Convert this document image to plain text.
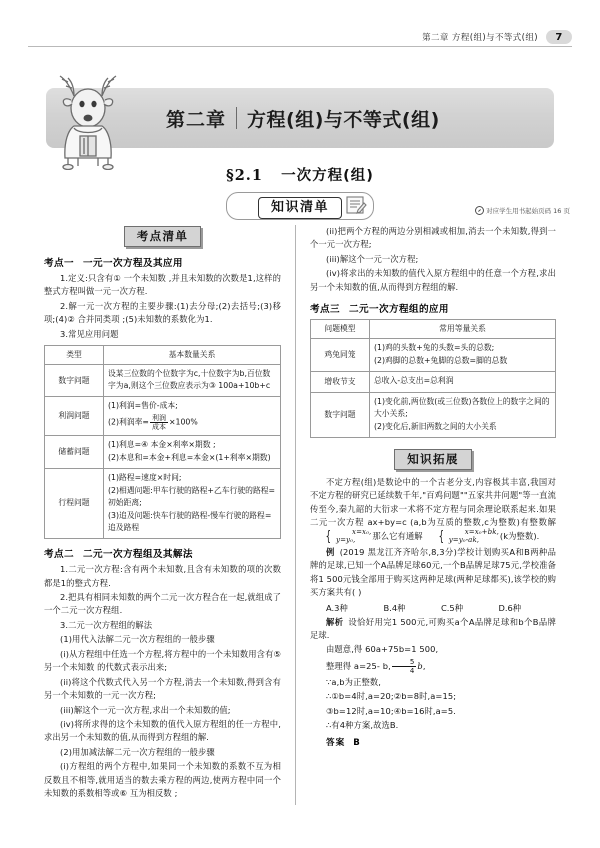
第二章 方程(组)与不等式(组)	7
第二章 方程(组)与不等式(组)
§2.1 一次方程(组)
知识清单	对应学生用书起始页码 16 页
考点清单
考点一 一元一次方程及其应用

1.定义:只含有① 一个未知数 ,并且未知数的次数是1,这样的整式方程叫做一元一次方程.

2.解一元一次方程的主要步骤:(1)去分母;(2)去括号;(3)移项;(4)② 合并同类项 ;(5)未知数的系数化为1.

3.常见应用问题

类型	基本数量关系
数字问题	设某三位数的个位数字为c,十位数字为b,百位数字为a,则这个三位数应表示为③ 100a+10b+c

利润问题	(1)利润=售价-成本;

(2)利润率= $\frac{\text{利润}}{\text{成本}} \times 100\%$

储蓄问题	(1)利息=④ 本金×利率×期数 ;

(2)本息和=本金+利息=本金×(1+利率×期数)

行程问题	(1)路程=速度×时间;

(2)相遇问题:甲车行驶的路程+乙车行驶的路程=初始距离;

(3)追及问题:快车行驶的路程-慢车行驶的路程=追及路程

考点二 二元一次方程组及其解法

1.二元一次方程:含有两个未知数,且含有未知数的项的次数都是1的整式方程.

2.把具有相同未知数的两个二元一次方程合在一起,就组成了一个二元一次方程组.

3.二元一次方程组的解法

(1)用代入法解二元一次方程组的一般步骤

(i)从方程组中任选一个方程,将方程中的一个未知数用含有⑤ 另一个未知数 的代数式表示出来;

(ii)将这个代数式代入另一个方程,消去一个未知数,得到含有另一个未知数的一元一次方程;

(iii)解这个一元一次方程,求出一个未知数的值;

(iv)将所求得的这个未知数的值代入原方程组的任一方程中,求出另一个未知数的值,从而得到方程组的解.

(2)用加减法解二元一次方程组的一般步骤

(i)方程组的两个方程中,如果同一个未知数的系数不互为相反数且不相等,就用适当的数去乘方程的两边,使两方程中同一个未知数的系数相等或⑥ 互为相反数 ;

(ii)把两个方程的两边分别相减或相加,消去一个未知数,得到一个一元一次方程;

(iii)解这个一元一次方程;

(iv)将求出的未知数的值代入原方程组中的任意一个方程,求出另一个未知数的值,从而得到方程组的解.

考点三 二元一次方程组的应用
问题模型	常用等量关系
鸡兔同笼	(1)鸡的头数+兔的头数=头的总数;

(2)鸡脚的总数+兔脚的总数=脚的总数

增收节支	总收入-总支出=总利润

数字问题	(1)变化前,两位数(或三位数)各数位上的数字之间的大小关系;

(2)变化后,新旧两数之间的大小关系

知识拓展

不定方程(组)是数论中的一个古老分支,内容极其丰富,我国对不定方程的研究已延续数千年,"百鸡问题""五家共井问题"等一直流传至今,秦九韶的大衍求一术将不定方程与同余理论联系起来.如果二元一次方程 ax+by=c (a,b为互质的整数,c为整数)有整数解
{	x=x₀,
y=y₀,	那么它有通解	{	x=x₀+bk,
y=y₀-ak,	(k为整数).

例 (2019 黑龙江齐齐哈尔,8,3分)学校计划购买A和B两种品牌的足球,已知一个A品牌足球60元,一个B品牌足球75元,学校准备将1 500元钱全部用于购买这两种足球(两种足球都买),该学校的购买方案共有( )

A.3种	B.4种	C.5种	D.6种

解析 设恰好用完1 500元,可购买a个A品牌足球和b个B品牌足球.

由题意,得 60a+75b=1 500,

整理得 a=25- b, $\frac{5}{4} b$,

∵a,b为正整数,

∴①b=4时,a=20;②b=8时,a=15;

③b=12时,a=10;④b=16时,a=5.

∴有4种方案,故选B.

答案 B
